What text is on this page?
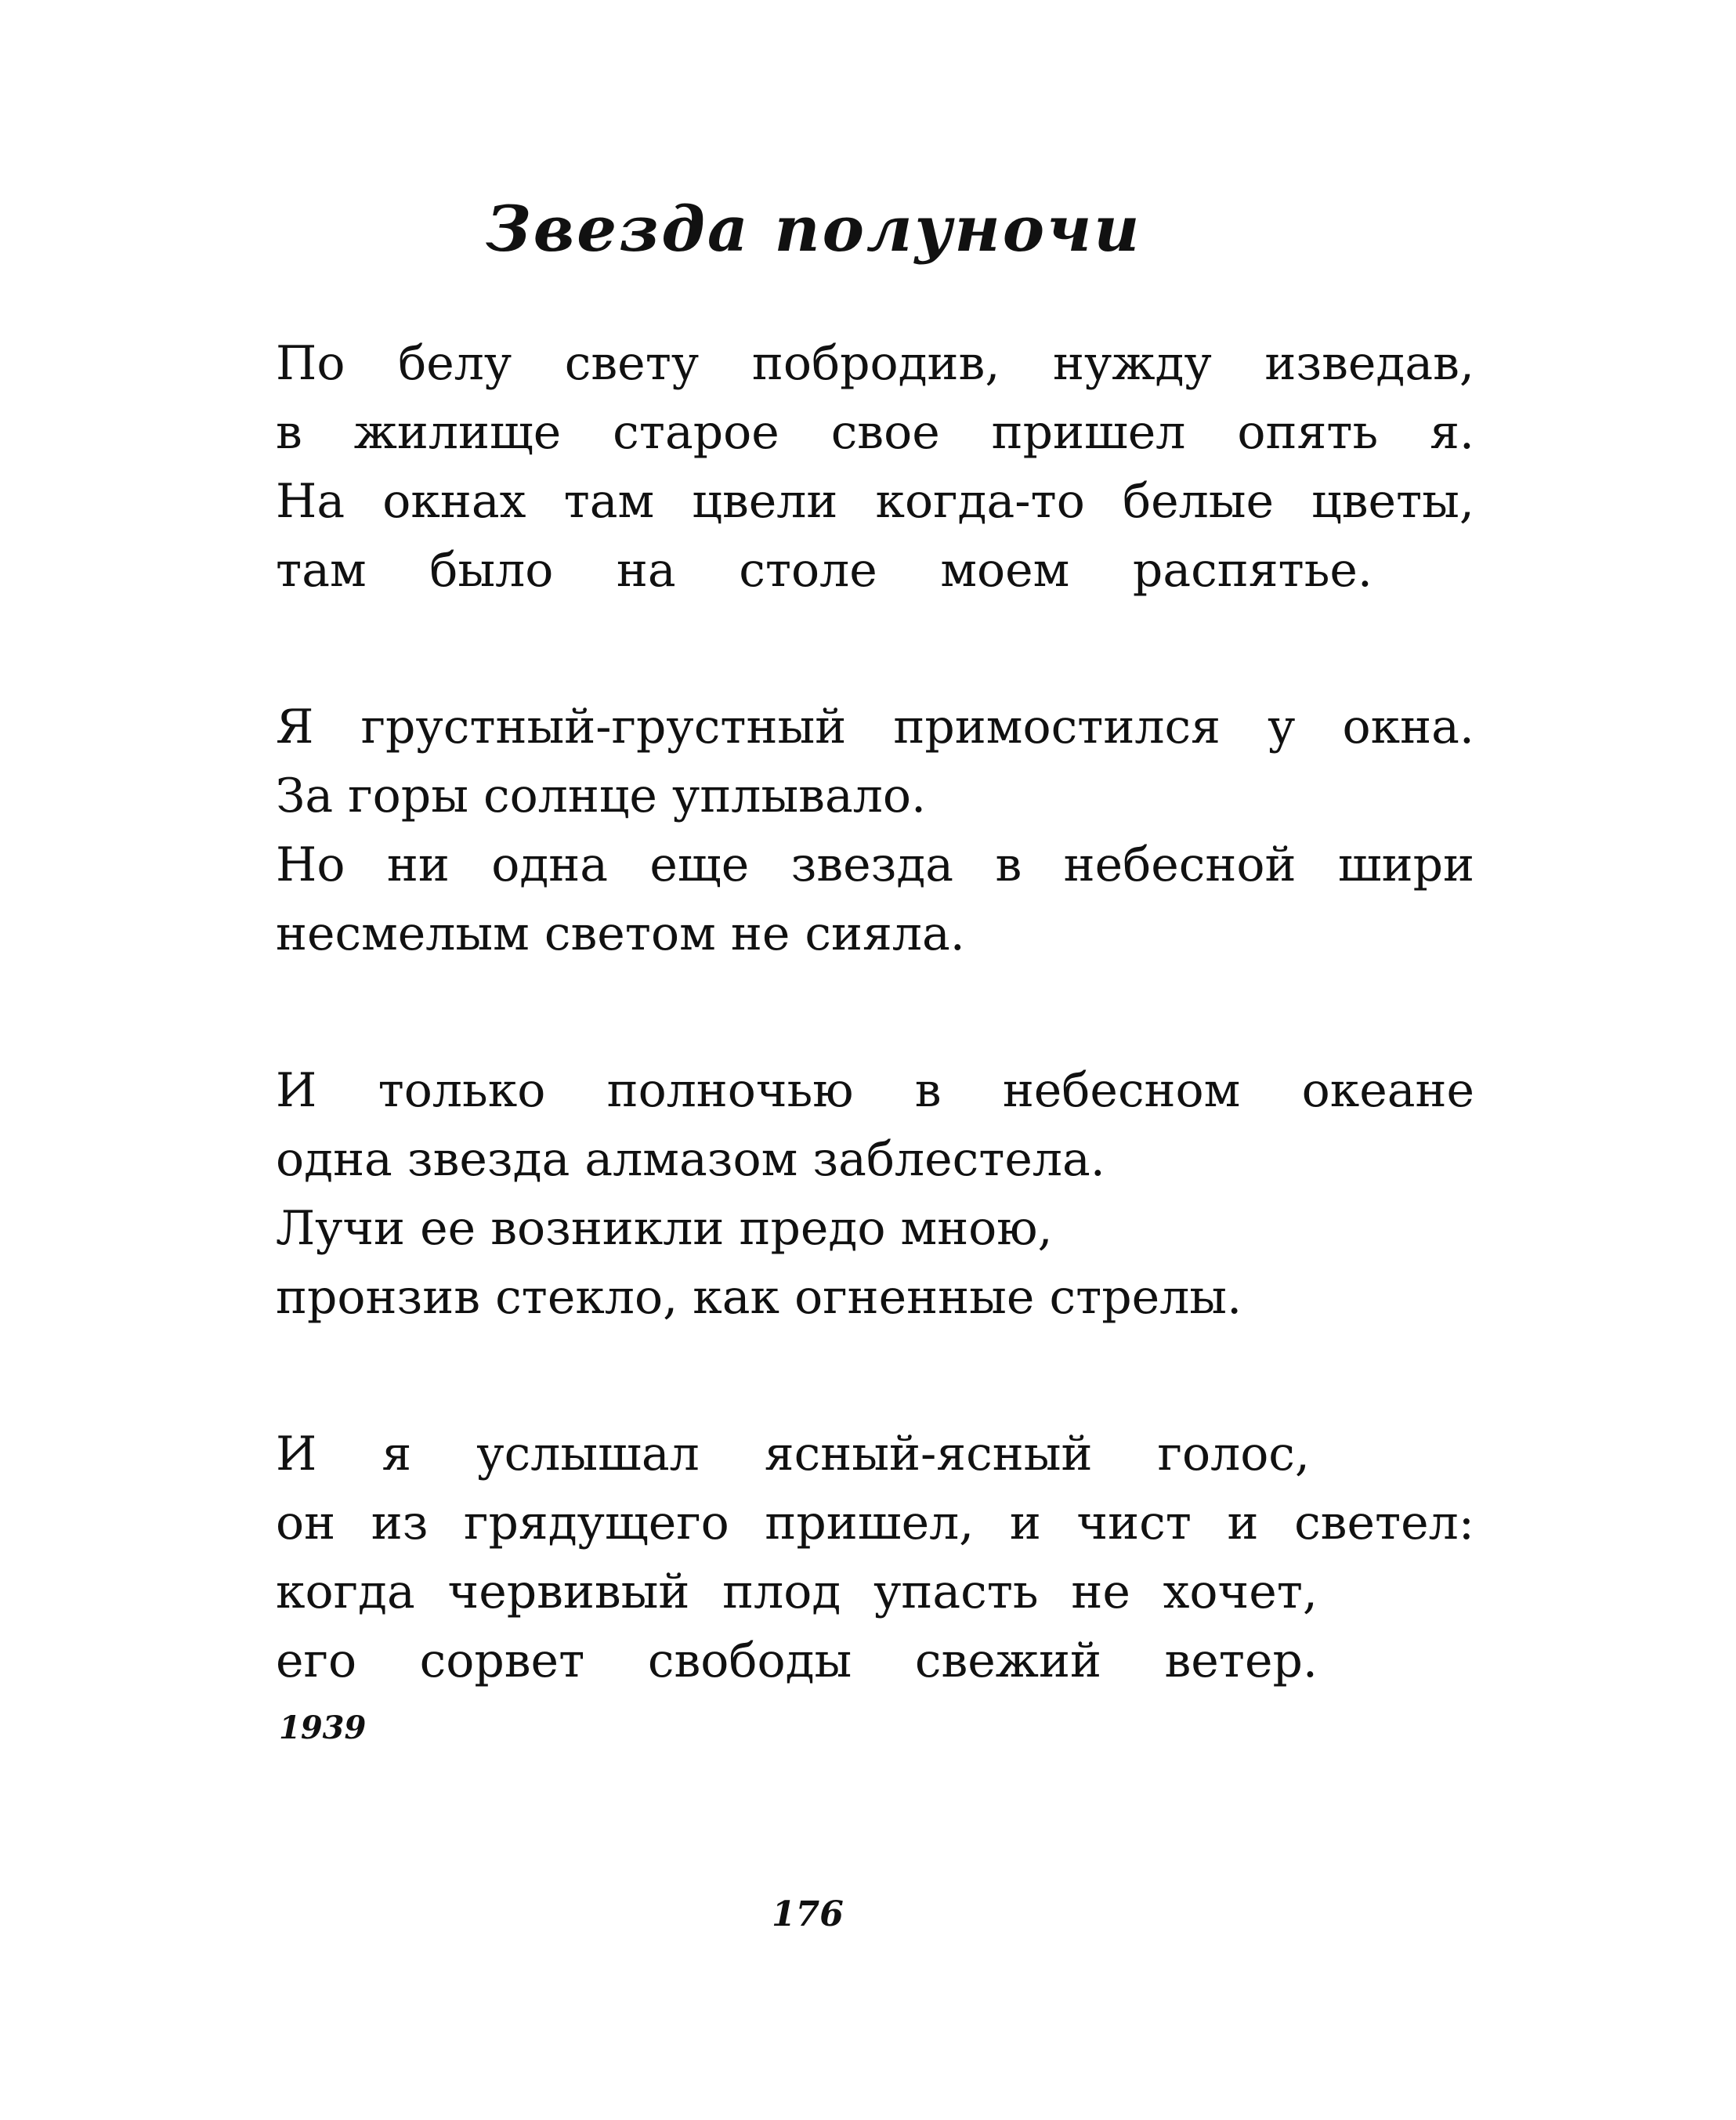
Звезда полуночи
По белу свету побродив, нужду изведав,
в жилище старое свое пришел опять я.
На окнах там цвели когда-то белые цветы,
там было на столе моем распятье.
Я грустный-грустный примостился у окна.
За горы солнце уплывало.
Но ни одна еще звезда в небесной шири
несмелым светом не сияла.
И только полночью в небесном океане
одна звезда алмазом заблестела.
Лучи ее возникли предо мною,
пронзив стекло, как огненные стрелы.
И я услышал ясный-ясный голос,
он из грядущего пришел, и чист и светел:
когда червивый плод упасть не хочет,
его сорвет свободы свежий ветер.

1939

176
